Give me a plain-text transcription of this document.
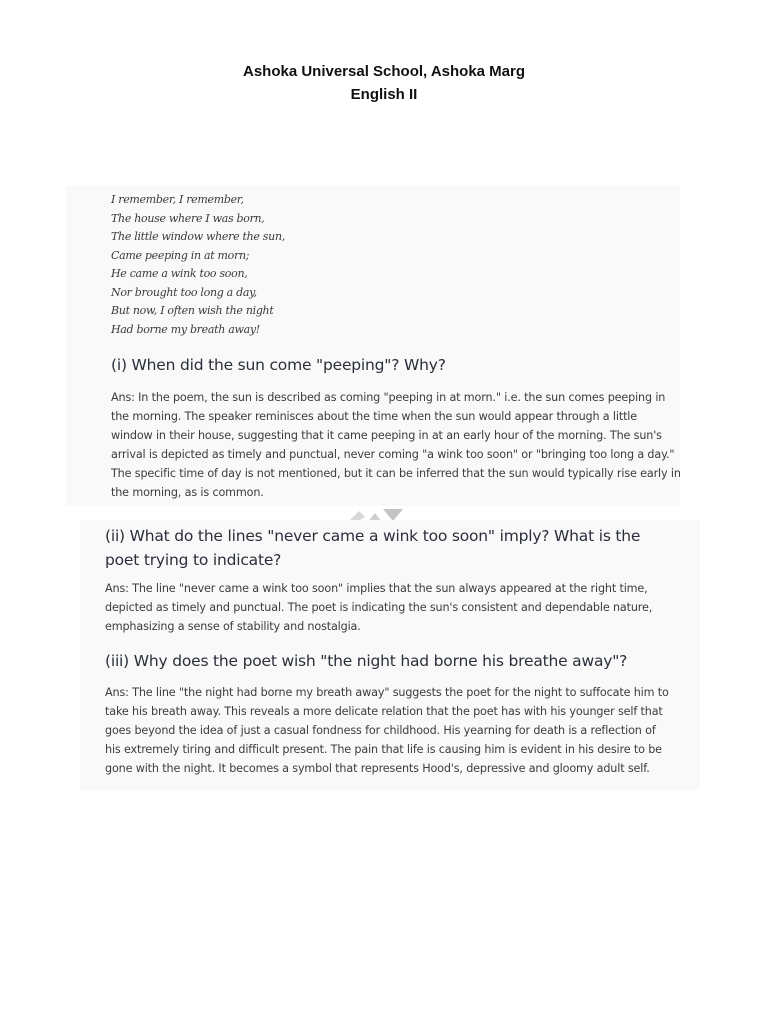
Ashoka Universal School, Ashoka Marg
English II
I remember, I remember,
The house where I was born,
The little window where the sun,
Came peeping in at morn;
He came a wink too soon,
Nor brought too long a day,
But now, I often wish the night
Had borne my breath away!
(i) When did the sun come "peeping"? Why?
Ans: In the poem, the sun is described as coming "peeping in at morn." i.e. the sun comes peeping in
the morning. The speaker reminisces about the time when the sun would appear through a little
window in their house, suggesting that it came peeping in at an early hour of the morning. The sun's
arrival is depicted as timely and punctual, never coming "a wink too soon" or "bringing too long a day."
The specific time of day is not mentioned, but it can be inferred that the sun would typically rise early in
the morning, as is common.
(ii) What do the lines "never came a wink too soon" imply? What is the
poet trying to indicate?
Ans: The line "never came a wink too soon" implies that the sun always appeared at the right time,
depicted as timely and punctual. The poet is indicating the sun's consistent and dependable nature,
emphasizing a sense of stability and nostalgia.
(iii) Why does the poet wish "the night had borne his breathe away"?
Ans: The line "the night had borne my breath away" suggests the poet for the night to suffocate him to
take his breath away. This reveals a more delicate relation that the poet has with his younger self that
goes beyond the idea of just a casual fondness for childhood. His yearning for death is a reflection of
his extremely tiring and difficult present. The pain that life is causing him is evident in his desire to be
gone with the night. It becomes a symbol that represents Hood's, depressive and gloomy adult self.
